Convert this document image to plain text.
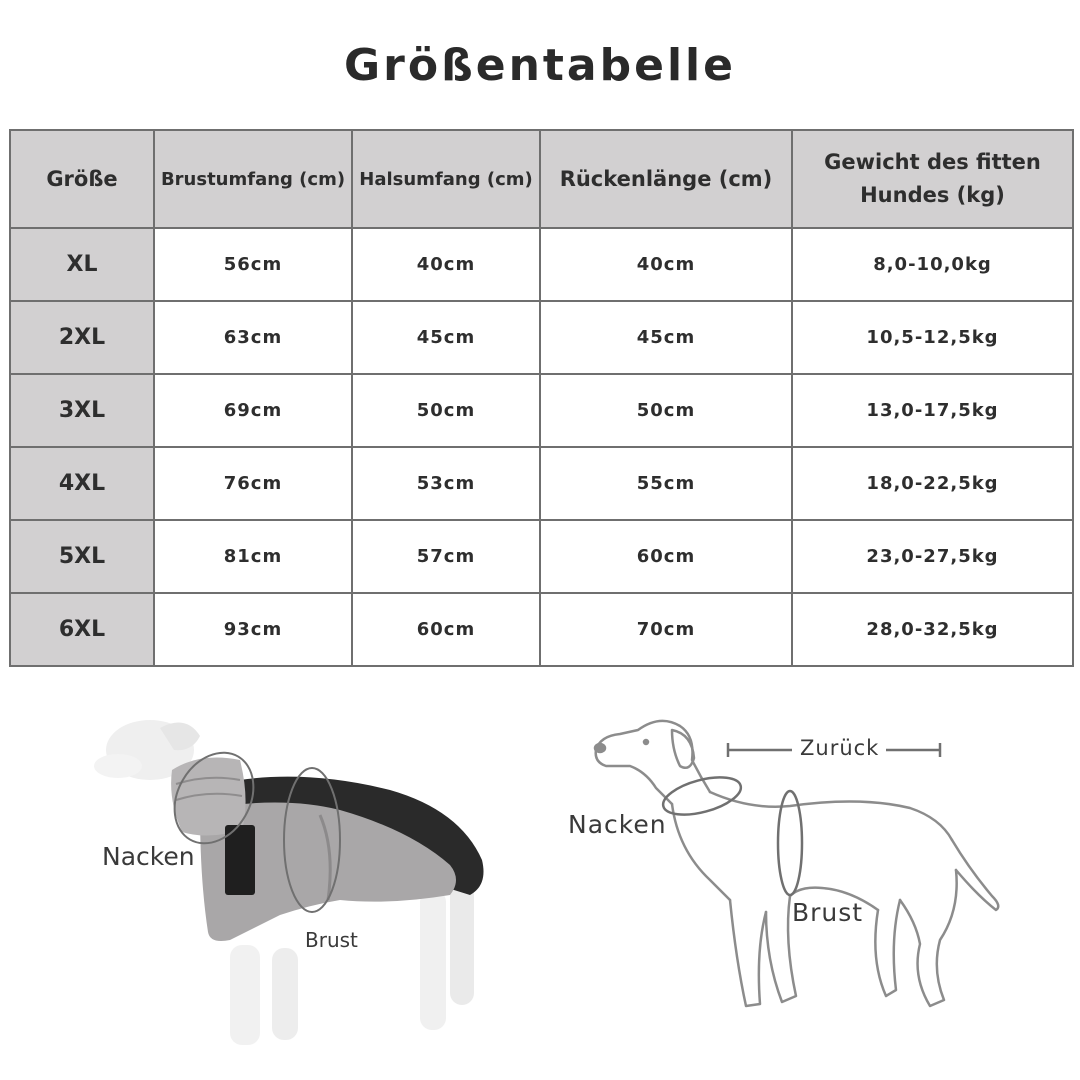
Größentabelle
Größe	Brustumfang (cm)	Halsumfang (cm)	Rückenlänge (cm)	Gewicht des fitten Hundes (kg)
XL	56cm	40cm	40cm	8,0-10,0kg
2XL	63cm	45cm	45cm	10,5-12,5kg
3XL	69cm	50cm	50cm	13,0-17,5kg
4XL	76cm	53cm	55cm	18,0-22,5kg
5XL	81cm	57cm	60cm	23,0-27,5kg
6XL	93cm	60cm	70cm	28,0-32,5kg
Nacken
Brust
Zurück
Nacken
Brust
